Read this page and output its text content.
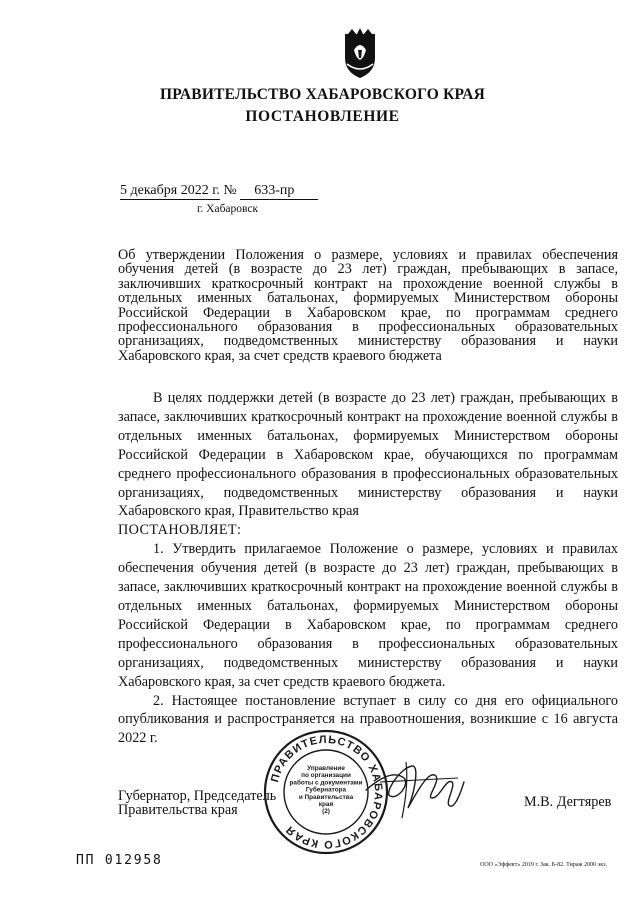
ПРАВИТЕЛЬСТВО ХАБАРОВСКОГО КРАЯ
ПОСТАНОВЛЕНИЕ
5 декабря 2022 г. № 633-пр
г. Хабаровск
Об утверждении Положения о размере, условиях и правилах обеспечения обучения детей (в возрасте до 23 лет) граждан, пребывающих в запасе, заключивших краткосрочный контракт на прохождение военной службы в отдельных именных батальонах, формируемых Министерством обороны Российской Федерации в Хабаровском крае, по программам среднего профессионального образования в профессиональных образовательных организациях, подведомственных министерству образования и науки Хабаровского края, за счет средств краевого бюджета

В целях поддержки детей (в возрасте до 23 лет) граждан, пребывающих в запасе, заключивших краткосрочный контракт на прохождение военной службы в отдельных именных батальонах, формируемых Министерством обороны Российской Федерации в Хабаровском крае, обучающихся по программам среднего профессионального образования в профессиональных образовательных организациях, подведомственных министерству образования и науки Хабаровского края, Правительство края

ПОСТАНОВЛЯЕТ:

1. Утвердить прилагаемое Положение о размере, условиях и правилах обеспечения обучения детей (в возрасте до 23 лет) граждан, пребывающих в запасе, заключивших краткосрочный контракт на прохождение военной службы в отдельных именных батальонах, формируемых Министерством обороны Российской Федерации в Хабаровском крае, по программам среднего профессионального образования в профессиональных образовательных организациях, подведомственных министерству образования и науки Хабаровского края, за счет средств краевого бюджета.

2. Настоящее постановление вступает в силу со дня его официального опубликования и распространяется на правоотношения, возникшие с 16 августа 2022 г.

Губернатор, Председатель
Правительства края
ПРАВИТЕЛЬСТВО ХАБАРОВСКОГО КРАЯ
Управление по организации работы с документами Губернатора и Правительства края (2)
М.В. Дегтярев
ПП 012958	ООО «Эффект» 2019 г. Зак. Б-82. Тираж 2000 экз.
